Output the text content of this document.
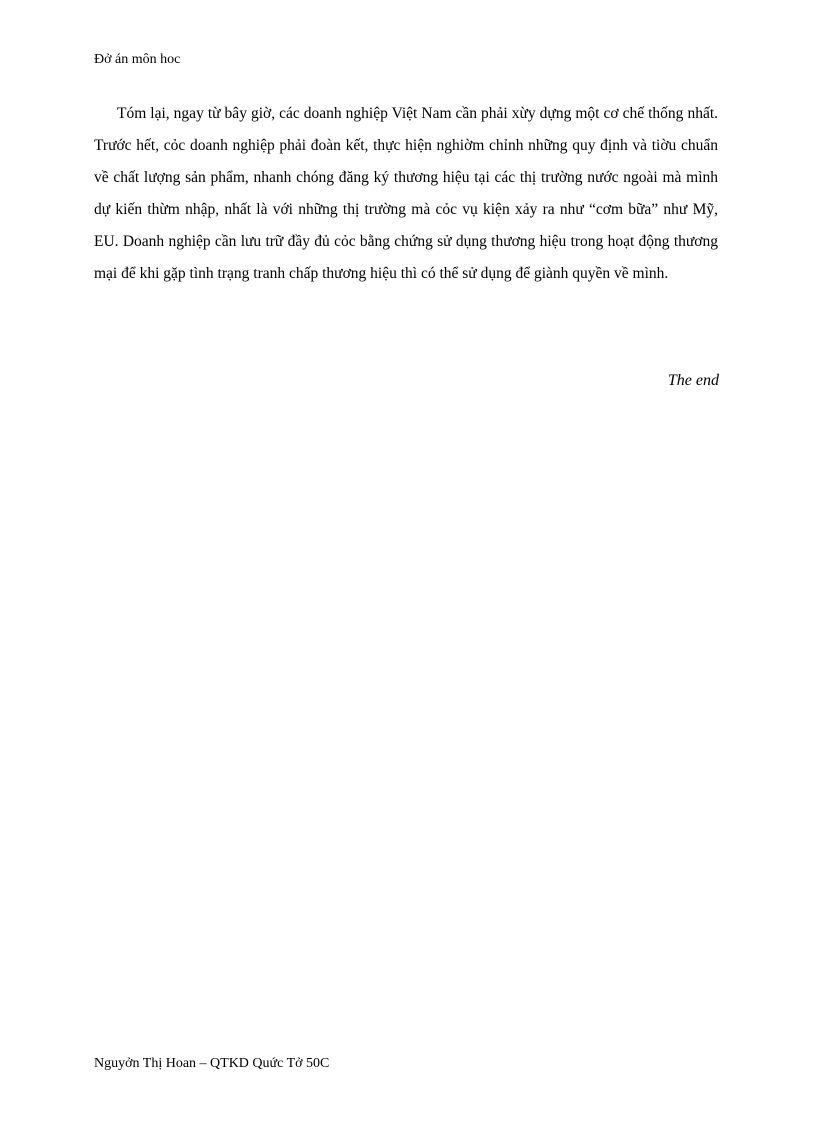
Đở án môn hoc

Tóm lại, ngay từ bây giờ, các doanh nghiệp Việt Nam cần phải xừy dựng một cơ chế thống nhất. Trước hết, cỏc doanh nghiệp phải đoàn kết, thực hiện nghiờm chỉnh những quy định và tiờu chuẩn về chất lượng sản phẩm, nhanh chóng đăng ký thương hiệu tại các thị trường nước ngoài mà mình dự kiến thừm nhập, nhất là với những thị trường mà cỏc vụ kiện xảy ra như “cơm bữa” như Mỹ, EU. Doanh nghiệp cần lưu trữ đầy đủ cỏc bằng chứng sử dụng thương hiệu trong hoạt động thương mại để khi gặp tình trạng tranh chấp thương hiệu thì có thể sử dụng để giành quyền về mình.

The end
Nguyởn Thị Hoan – QTKD Quức Tở 50C
